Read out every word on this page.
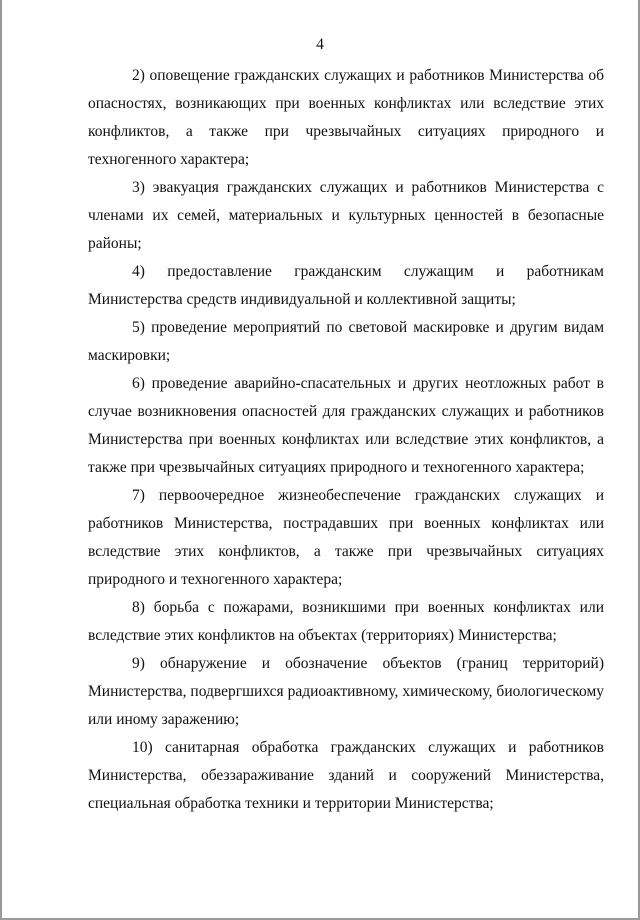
4

2) оповещение гражданских служащих и работников Министерства об опасностях, возникающих при военных конфликтах или вследствие этих конфликтов, а также при чрезвычайных ситуациях природного и техногенного характера;

3) эвакуация гражданских служащих и работников Министерства с членами их семей, материальных и культурных ценностей в безопасные районы;

4) предоставление гражданским служащим и работникам Министерства средств индивидуальной и коллективной защиты;

5) проведение мероприятий по световой маскировке и другим видам маскировки;

6) проведение аварийно-спасательных и других неотложных работ в случае возникновения опасностей для гражданских служащих и работников Министерства при военных конфликтах или вследствие этих конфликтов, а также при чрезвычайных ситуациях природного и техногенного характера;

7) первоочередное жизнеобеспечение гражданских служащих и работников Министерства, пострадавших при военных конфликтах или вследствие этих конфликтов, а также при чрезвычайных ситуациях природного и техногенного характера;

8) борьба с пожарами, возникшими при военных конфликтах или вследствие этих конфликтов на объектах (территориях) Министерства;

9) обнаружение и обозначение объектов (границ территорий) Министерства, подвергшихся радиоактивному, химическому, биологическому или иному заражению;

10) санитарная обработка гражданских служащих и работников Министерства, обеззараживание зданий и сооружений Министерства, специальная обработка техники и территории Министерства;
